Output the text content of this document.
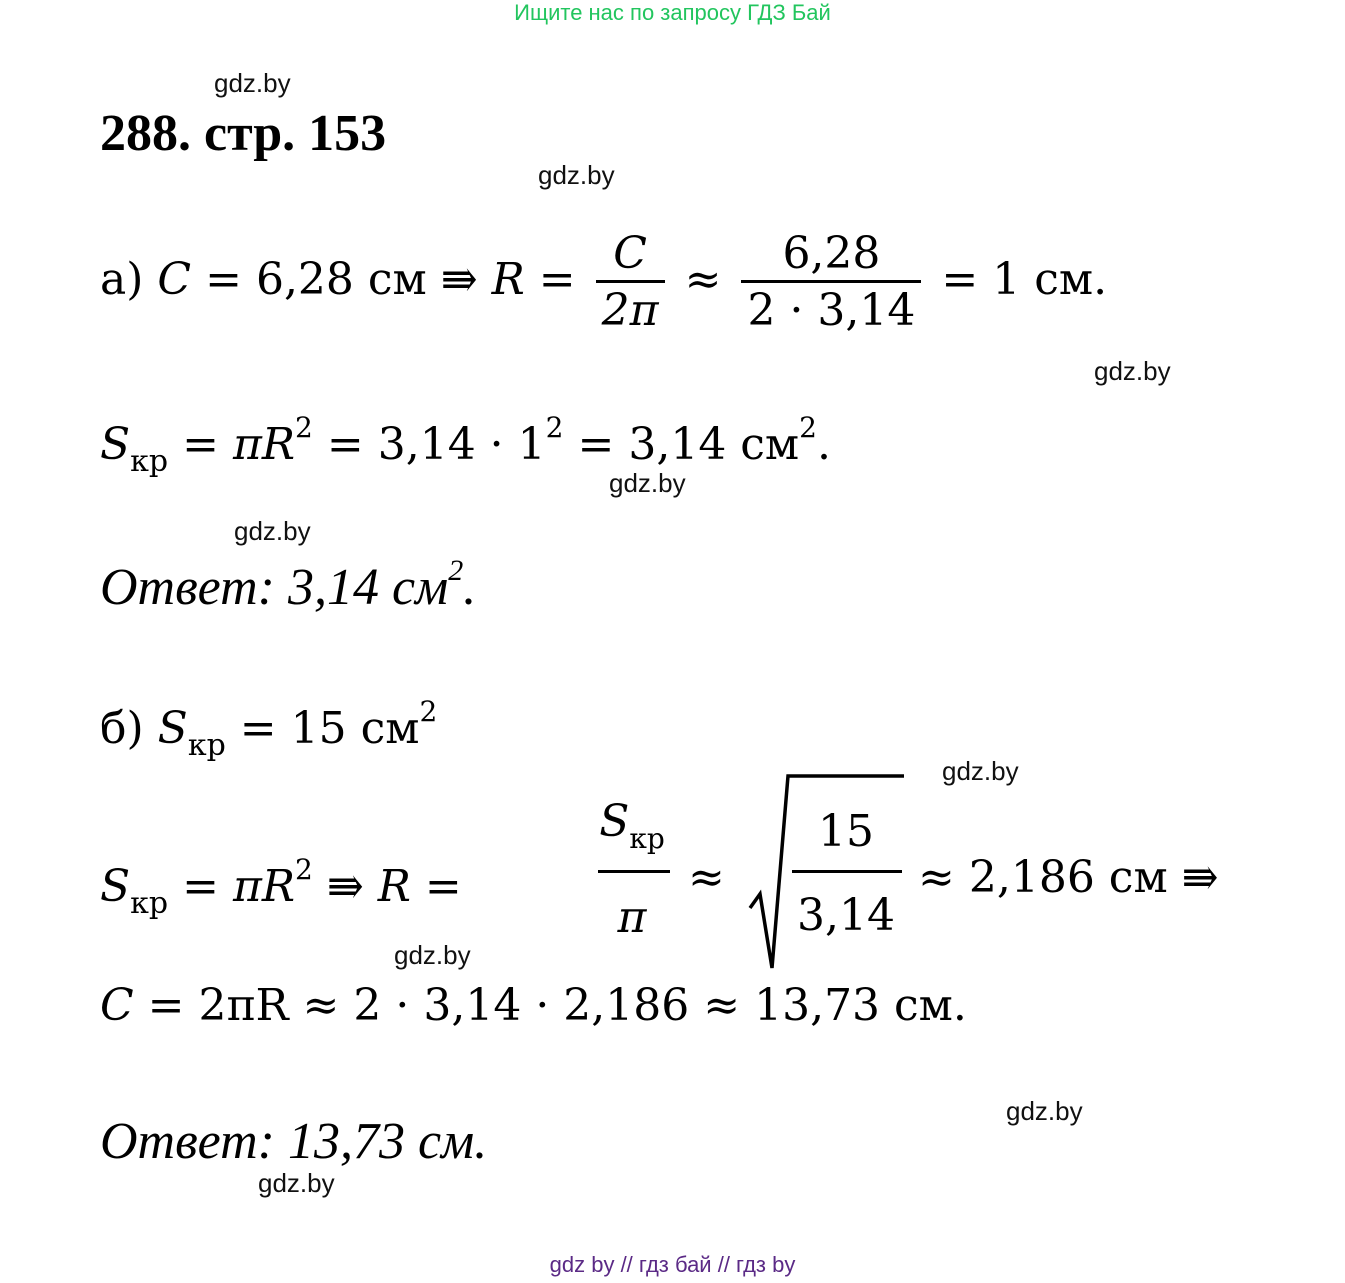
Ищите нас по запросу ГДЗ Бай
gdz.by
gdz.by
gdz.by
gdz.by
gdz.by
gdz.by
gdz.by
gdz.by
gdz.by
288. стр. 153
а) C = 6,28 см ⇛ $R = \frac{C}{2\pi} \approx \frac{6,28}{2 \cdot 3,14} = 1$ см.
$S_{кр} = \pi R^2 = 3,14 \cdot 1^2 = 3,14$ $см^2$.
Ответ: 3,14 $см^2$.
б) $S_{кр} = 15$ $см^2$
$S_{кр} = \pi R^2$ ⇛ R =
$S_{кр}$
π
≈
15
3,14
≈ 2,186 см ⇛
C = 2πR ≈ 2 · 3,14 · 2,186 ≈ 13,73 см.
Ответ: 13,73 см.
gdz by // гдз бай // гдз by
